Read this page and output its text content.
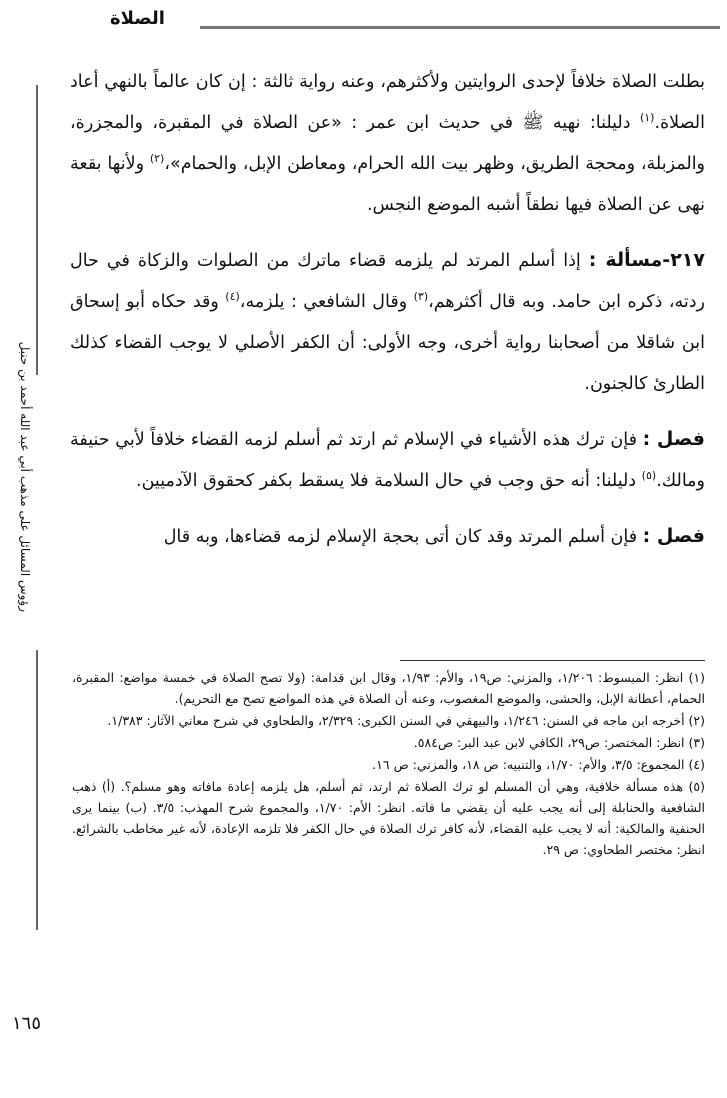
الصلاة
رؤوس المسائل على مذهب أبي عبد الله أحمد بن حنبل

بطلت الصلاة خلافاً لإحدى الروايتين ولأكثرهم، وعنه رواية ثالثة : إن كان عالماً بالنهي أعاد الصلاة.$^{(١)}$ دليلنا: نهيه ﷺ في حديث ابن عمر : «عن الصلاة في المقبرة، والمجزرة، والمزبلة، ومحجة الطريق، وظهر بيت الله الحرام، ومعاطن الإبل، والحمام»،$^{(٢)}$ ولأنها بقعة نهى عن الصلاة فيها نطقاً أشبه الموضع النجس.

٢١٧-مسألة : إذا أسلم المرتد لم يلزمه قضاء ماترك من الصلوات والزكاة في حال ردته، ذكره ابن حامد. وبه قال أكثرهم،$^{(٣)}$ وقال الشافعي : يلزمه،$^{(٤)}$ وقد حكاه أبو إسحاق ابن شاقلا من أصحابنا رواية أخرى، وجه الأولى: أن الكفر الأصلي لا يوجب القضاء كذلك الطارئ كالجنون.

فصل : فإن ترك هذه الأشياء في الإسلام ثم ارتد ثم أسلم لزمه القضاء خلافاً لأبي حنيفة ومالك.$^{(٥)}$ دليلنا: أنه حق وجب في حال السلامة فلا يسقط بكفر كحقوق الآدميين.

فصل : فإن أسلم المرتد وقد كان أتى بحجة الإسلام لزمه قضاءها، وبه قال

(١) انظر: المبسوط: ١/٢٠٦، والمزني: ص١٩، والأم: ١/٩٣، وقال ابن قدامة: (ولا تصح الصلاة في خمسة مواضع: المقبرة، الحمام، أعطانة الإبل، والحشى، والموضع المغصوب، وعنه أن الصلاة في هذه المواضع تصح مع التحريم).
(٢) أخرجه ابن ماجه في السنن: ١/٢٤٦، والبيهقي في السنن الكبرى: ٢/٣٢٩، والطحاوي في شرح معاني الآثار: ١/٣٨٣.
(٣) انظر: المختصر: ص٢٩، الكافي لابن عبد البر: ص٥٨٤.
(٤) المجموع: ٣/٥، والأم: ١/٧٠، والتنبيه: ص ١٨، والمزني: ص ١٦.
(٥) هذه مسألة خلافية، وهي أن المسلم لو ترك الصلاة ثم ارتد، ثم أسلم، هل يلزمه إعادة مافاته وهو مسلم؟. (أ) ذهب الشافعية والحنابلة إلى أنه يجب عليه أن يقضي ما فاته. انظر: الأم: ١/٧٠، والمجموع شرح المهذب: ٣/٥. (ب) بينما يرى الحنفية والمالكية: أنه لا يجب عليه القضاء، لأنه كافر ترك الصلاة في حال الكفر فلا تلزمه الإعادة، لأنه غير مخاطب بالشرائع. انظر: مختصر الطحاوي: ص ٢٩.
١٦٥
